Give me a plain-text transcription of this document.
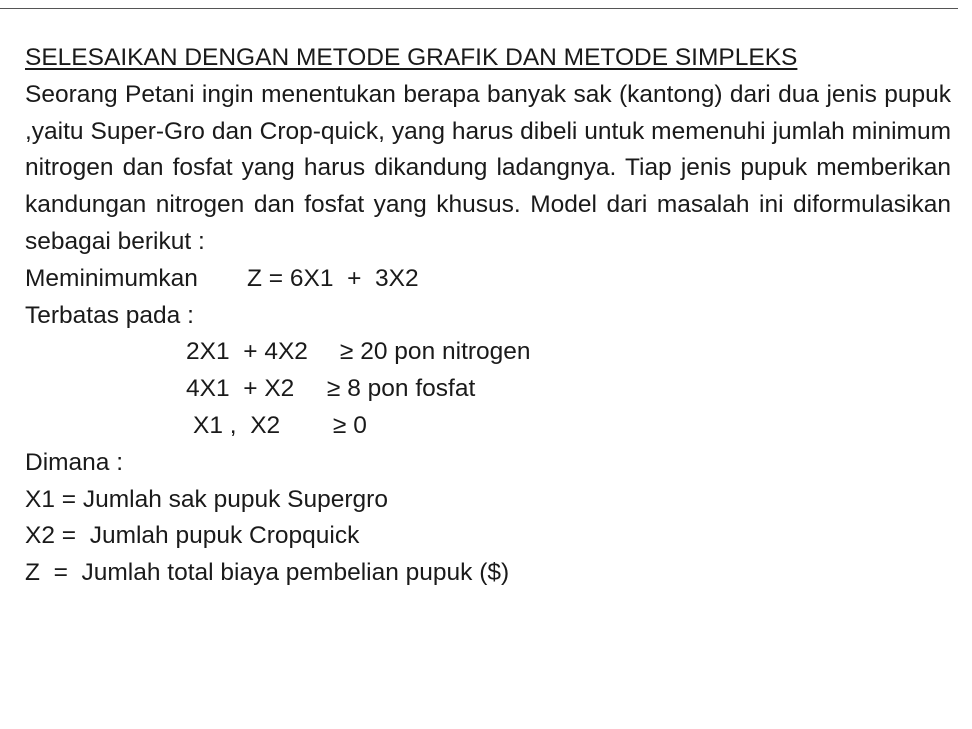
SELESAIKAN DENGAN METODE GRAFIK DAN METODE SIMPLEKS
Seorang Petani ingin menentukan berapa banyak sak (kantong) dari dua jenis pupuk ,yaitu Super-Gro dan Crop-quick, yang harus dibeli untuk memenuhi jumlah minimum nitrogen dan fosfat yang harus dikandung ladangnya. Tiap jenis pupuk memberikan kandungan nitrogen dan fosfat yang khusus. Model dari masalah ini diformulasikan sebagai berikut :
Meminimumkan Z = 6X1  +  3X2
Terbatas pada :
2X1  + 4X2 ≥ 20 pon nitrogen
4X1  + X2 ≥ 8 pon fosfat
X1 ,  X2 ≥ 0
Dimana :
X1 = Jumlah sak pupuk Supergro
X2 =  Jumlah pupuk Cropquick
Z  =  Jumlah total biaya pembelian pupuk ($)
